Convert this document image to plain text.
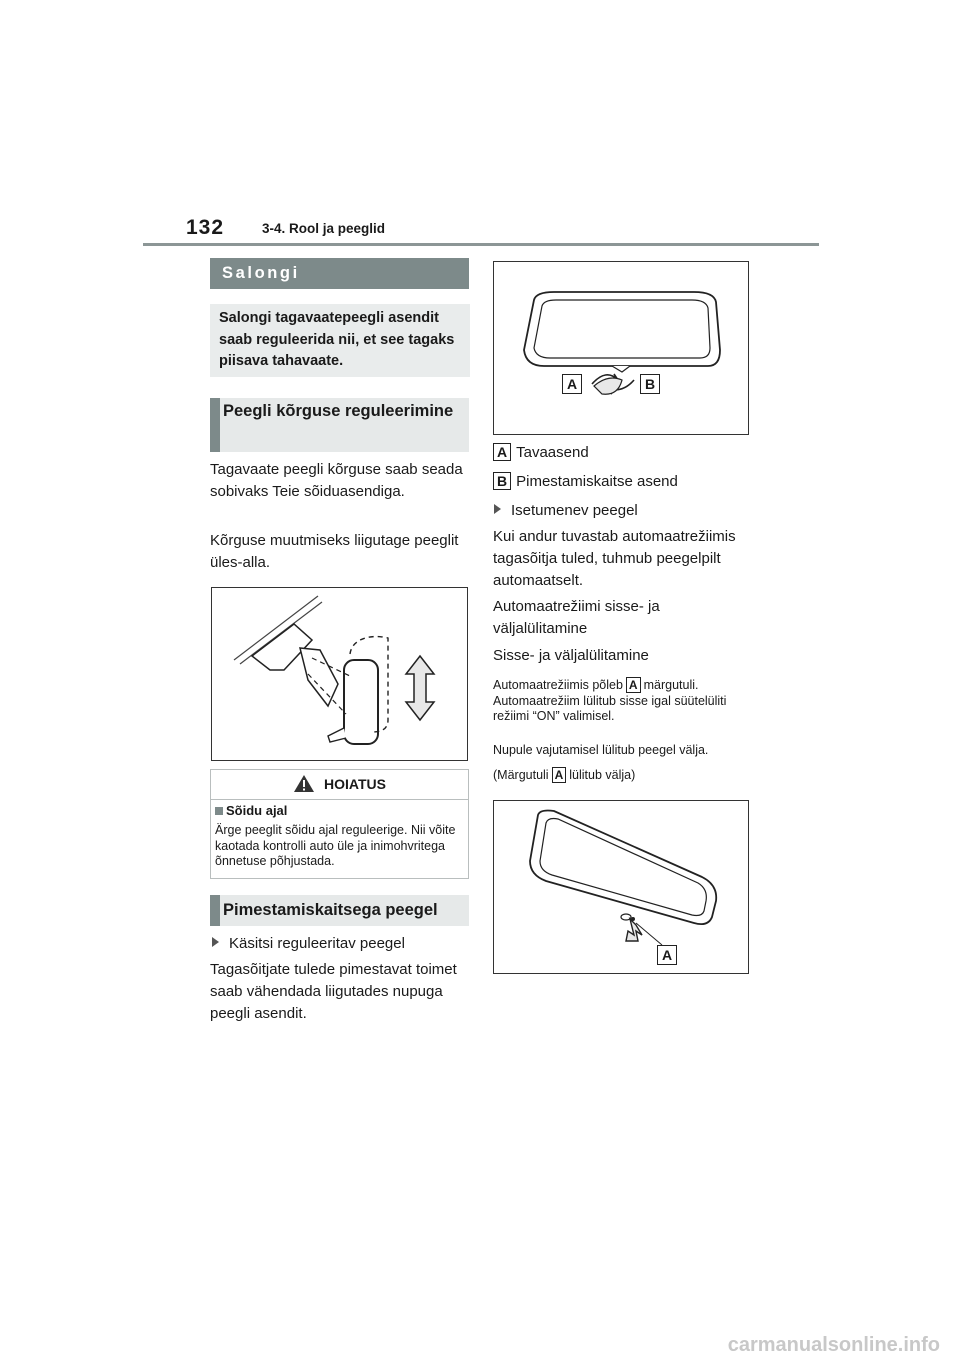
132	3-4. Rool ja peeglid
Salongi
Salongi tagavaatepeegli asendit saab reguleerida nii, et see tagaks piisava tahavaate.
Peegli kõrguse reguleerimine
Tagavaate peegli kõrguse saab seada sobivaks Teie sõiduasendiga.
Kõrguse muutmiseks liigutage peeglit üles-alla.
HOIATUS
Sõidu ajal
Ärge peeglit sõidu ajal reguleerige. Nii võite kaotada kontrolli auto üle ja inimohvritega õnnetuse põhjustada.
Pimestamiskaitsega peegel
Käsitsi reguleeritav peegel
Tagasõitjate tulede pimestavat toimet saab vähendada liigutades nupuga peegli asendit.
A	B
A Tavaasend
B Pimestamiskaitse asend
Isetumenev peegel
Kui andur tuvastab automaatrežiimis tagasõitja tuled, tuhmub peegelpilt automaatselt.
Automaatrežiimi sisse- ja väljalülitamine
Sisse- ja väljalülitamine
Automaatrežiimis põleb A märgutuli. Automaatrežiim lülitub sisse igal süütelüliti režiimi “ON” valimisel.
Nupule vajutamisel lülitub peegel välja.
(Märgutuli A lülitub välja)
A
carmanualsonline.info
